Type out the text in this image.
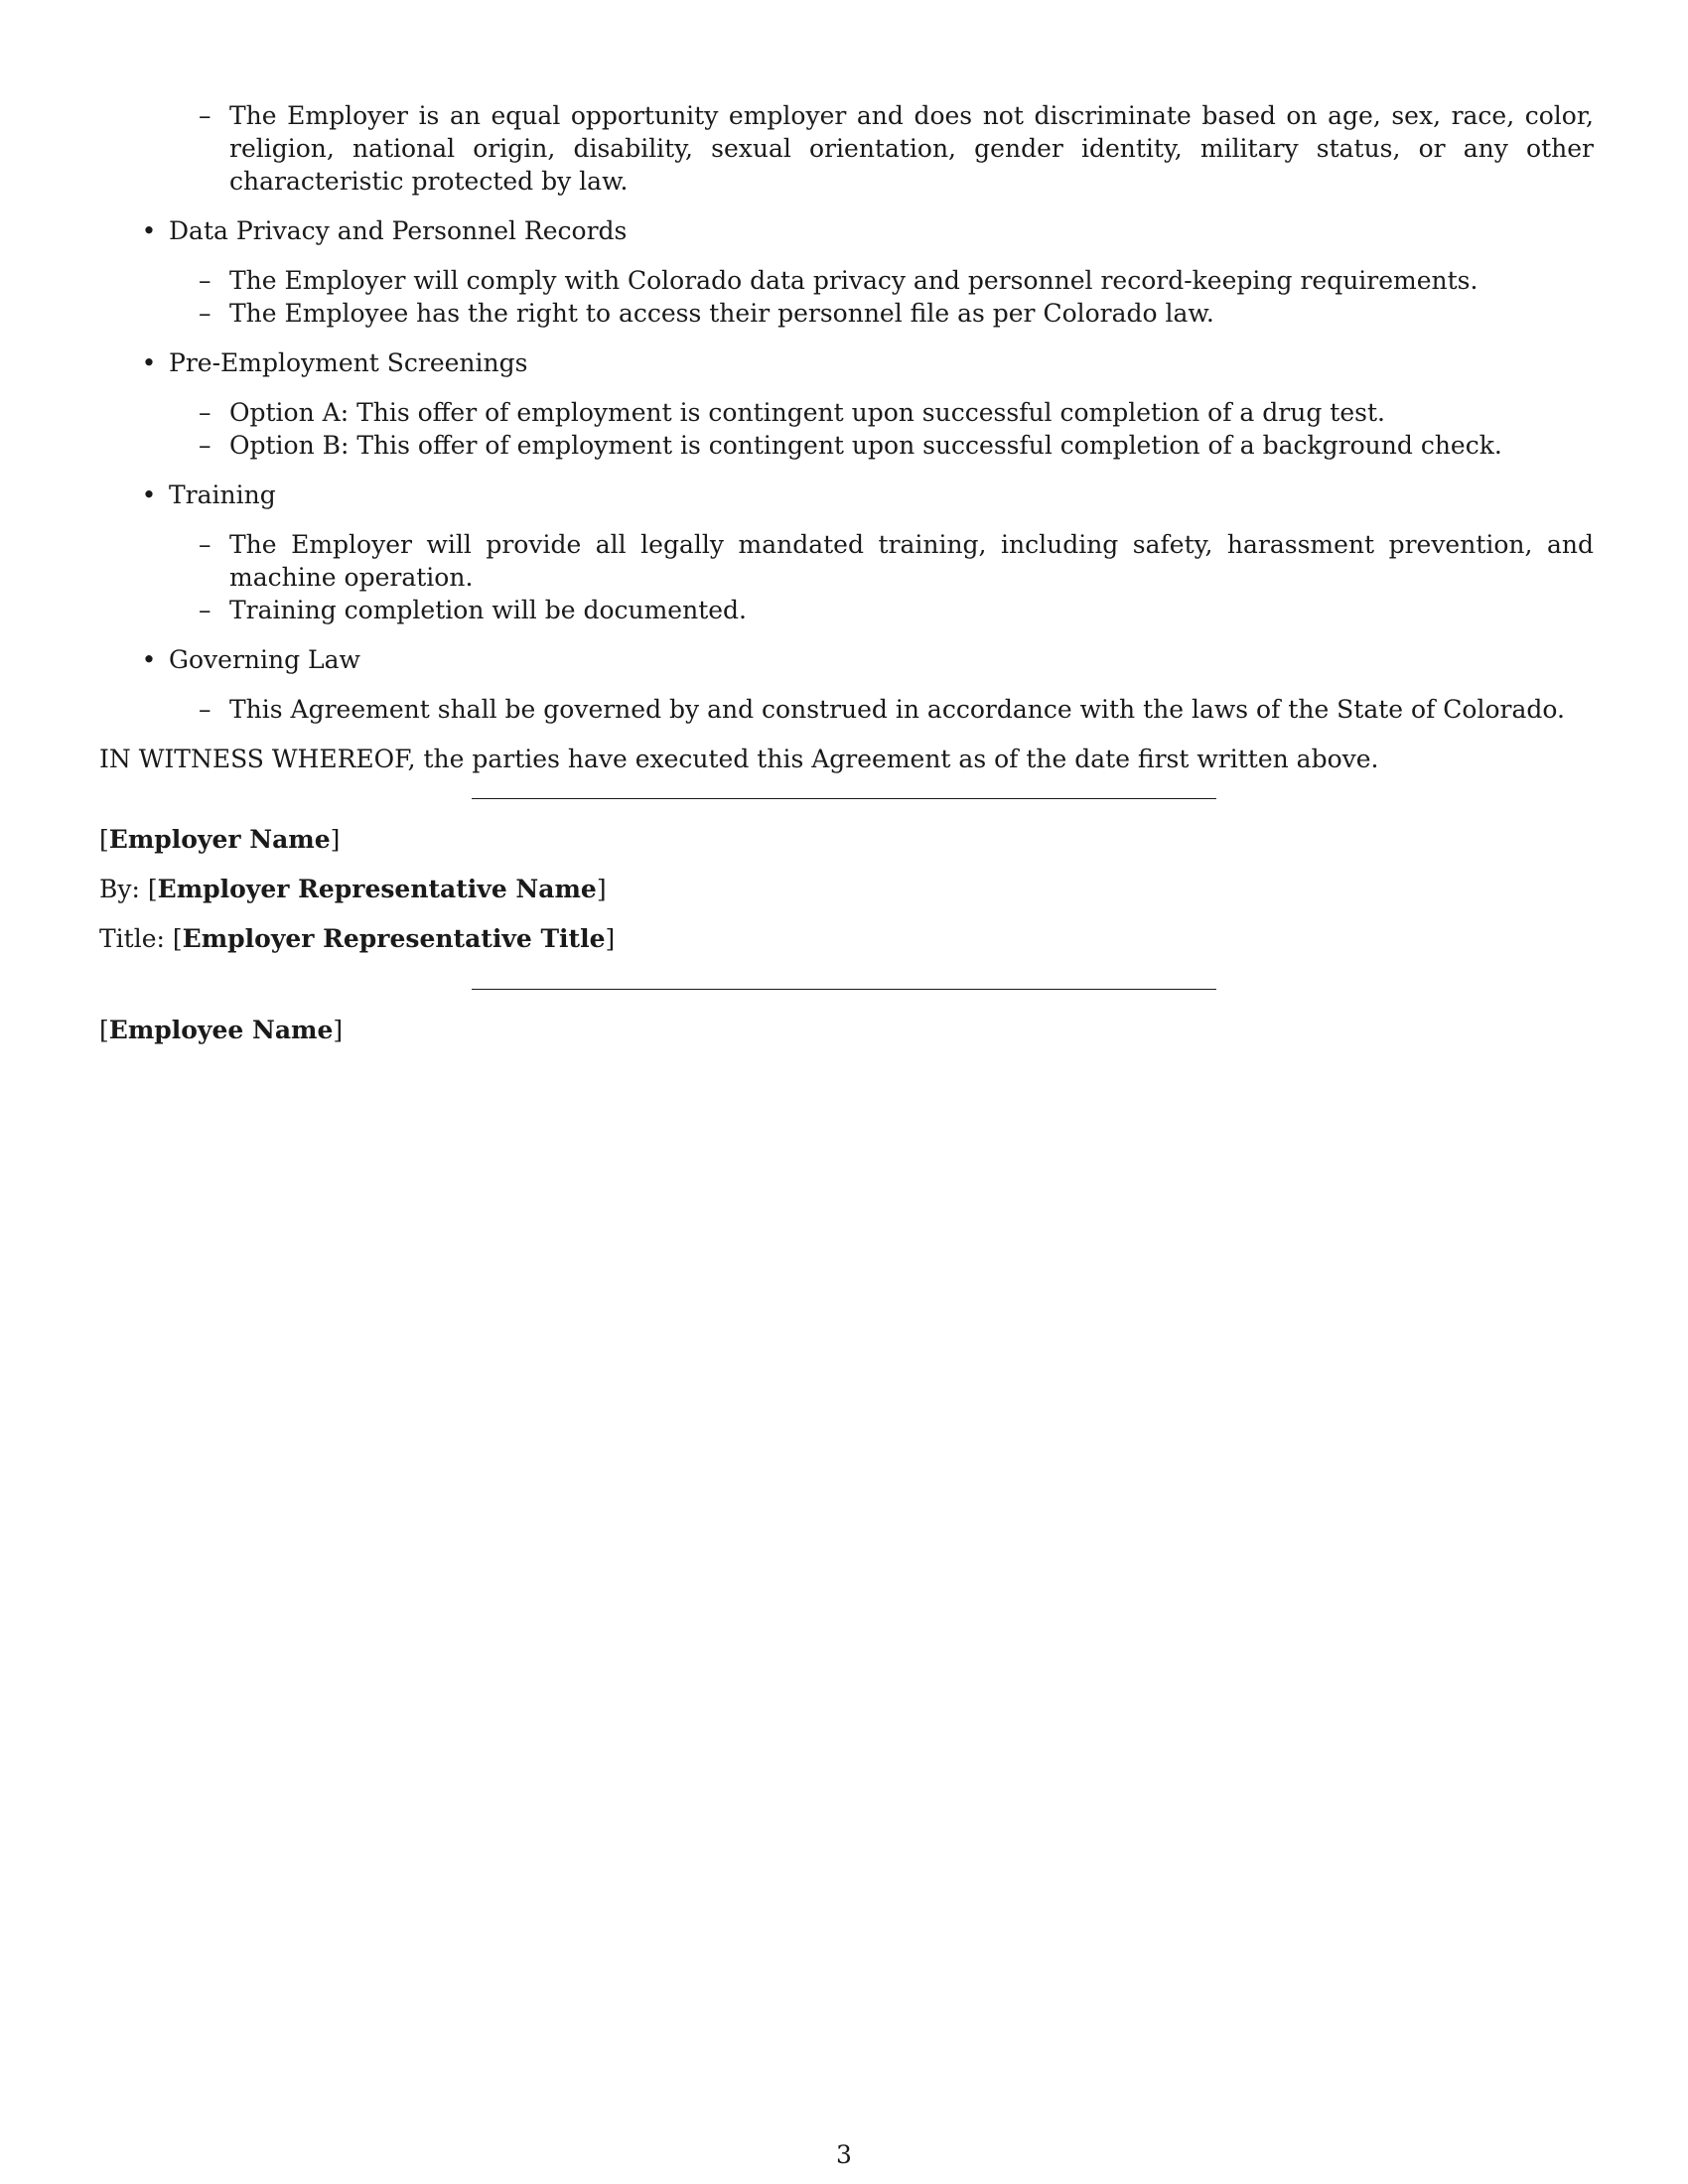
– The Employer is an equal opportunity employer and does not discriminate based on age, sex, race, color, religion, national origin, disability, sexual orientation, gender identity, military status, or any other characteristic protected by law.
• Data Privacy and Personnel Records
– The Employer will comply with Colorado data privacy and personnel record-keeping requirements.
– The Employee has the right to access their personnel file as per Colorado law.
• Pre-Employment Screenings
– Option A: This offer of employment is contingent upon successful completion of a drug test.
– Option B: This offer of employment is contingent upon successful completion of a background check.
• Training
– The Employer will provide all legally mandated training, including safety, harassment prevention, and machine operation.
– Training completion will be documented.
• Governing Law
– This Agreement shall be governed by and construed in accordance with the laws of the State of Colorado.
IN WITNESS WHEREOF, the parties have executed this Agreement as of the date first written above.
[Employer Name]
By: [Employer Representative Name]
Title: [Employer Representative Title]
[Employee Name]
3
